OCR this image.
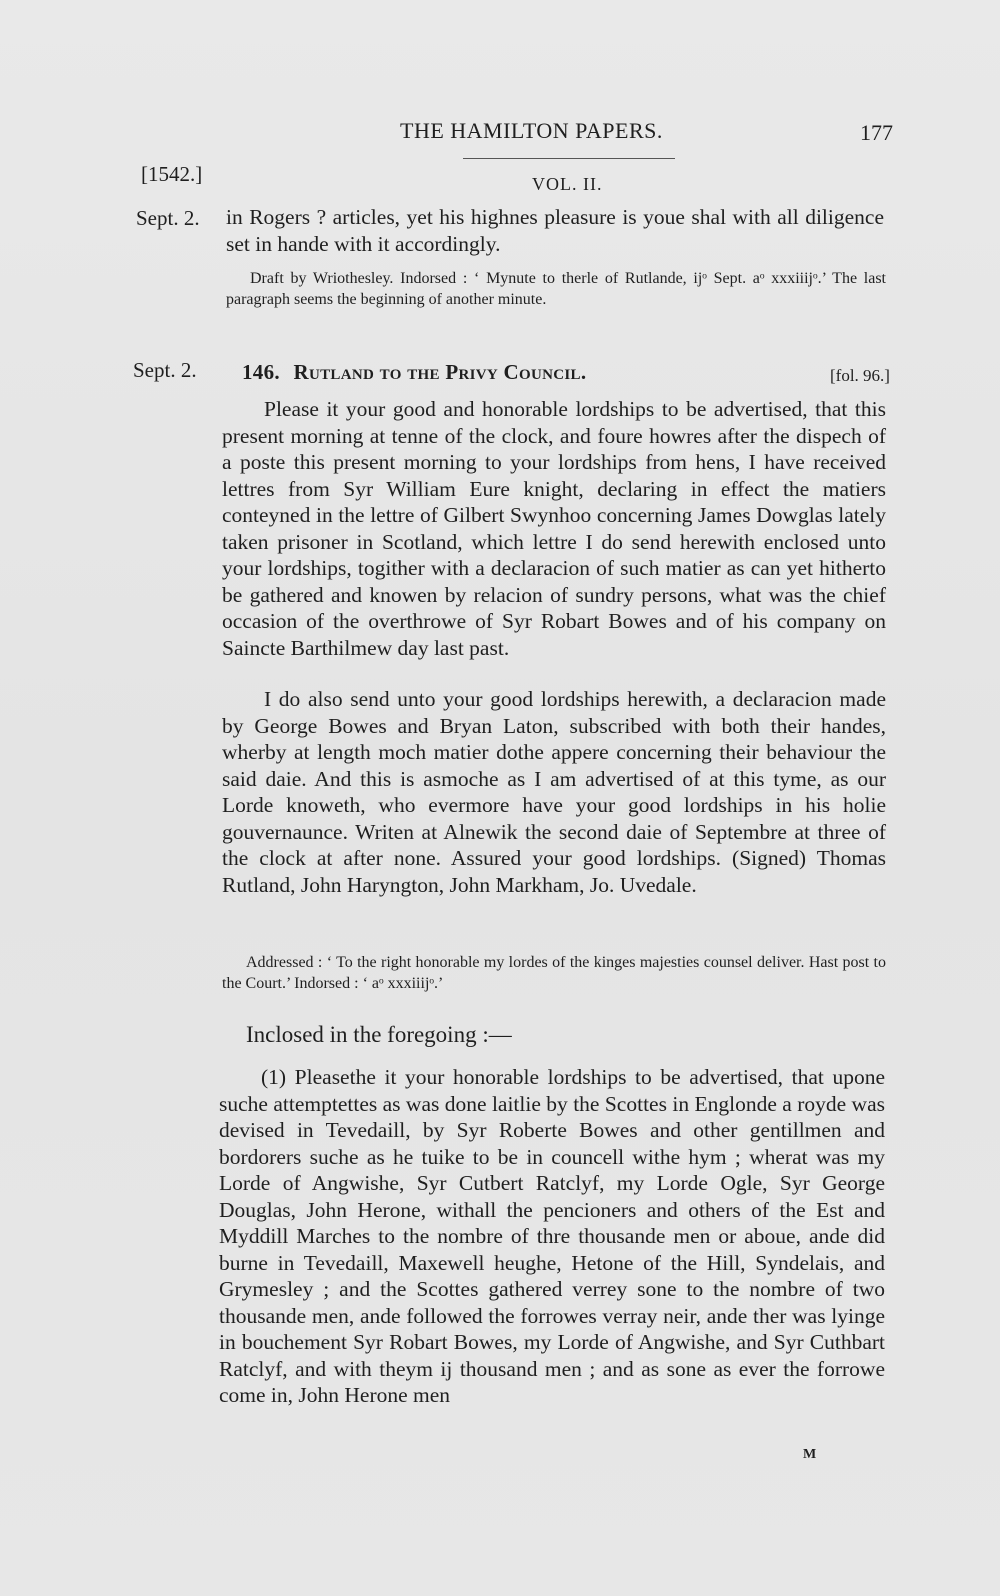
THE HAMILTON PAPERS.	177
VOL. II.
[1542.]
Sept. 2. in Rogers ? articles, yet his highnes pleasure is youe shal with all diligence set in hande with it accordingly.
Draft by Wriothesley. Indorsed : ‘ Mynute to therle of Rutlande, ijᵒ Sept. aᵒ xxxiiijᵒ.’ The last paragraph seems the beginning of another minute.
Sept. 2. 146. Rutland to the Privy Council.	[fol. 96.]
Please it your good and honorable lordships to be advertised, that this present morning at tenne of the clock, and foure howres after the dispech of a poste this present morning to your lordships from hens, I have received lettres from Syr William Eure knight, declaring in effect the matiers conteyned in the lettre of Gilbert Swynhoo concerning James Dowglas lately taken prisoner in Scotland, which lettre I do send herewith enclosed unto your lordships, togither with a declaracion of such matier as can yet hitherto be gathered and knowen by relacion of sundry persons, what was the chief occasion of the overthrowe of Syr Robart Bowes and of his company on Saincte Barthilmew day last past.
I do also send unto your good lordships herewith, a declaracion made by George Bowes and Bryan Laton, subscribed with both their handes, wherby at length moch matier dothe appere concerning their behaviour the said daie. And this is asmoche as I am advertised of at this tyme, as our Lorde knoweth, who evermore have your good lordships in his holie gouvernaunce. Writen at Alnewik the second daie of Septembre at three of the clock at after none. Assured your good lordships. (Signed) Thomas Rutland, John Haryngton, John Markham, Jo. Uvedale.
Addressed : ‘ To the right honorable my lordes of the kinges majesties counsel deliver. Hast post to the Court.’ Indorsed : ‘ aᵒ xxxiiijᵒ.’
Inclosed in the foregoing :—
(1) Pleasethe it your honorable lordships to be advertised, that upone suche attemptettes as was done laitlie by the Scottes in Englonde a royde was devised in Tevedaill, by Syr Roberte Bowes and other gentillmen and bordorers suche as he tuike to be in councell withe hym ; wherat was my Lorde of Angwishe, Syr Cutbert Ratclyf, my Lorde Ogle, Syr George Douglas, John Herone, withall the pencioners and others of the Est and Myddill Marches to the nombre of thre thousande men or aboue, ande did burne in Tevedaill, Maxewell heughe, Hetone of the Hill, Syndelais, and Grymesley ; and the Scottes gathered verrey sone to the nombre of two thousande men, ande followed the forrowes verray neir, ande ther was lyinge in bouchement Syr Robart Bowes, my Lorde of Angwishe, and Syr Cuthbart Ratclyf, and with theym ij thousand men ; and as sone as ever the forrowe come in, John Herone men
M
